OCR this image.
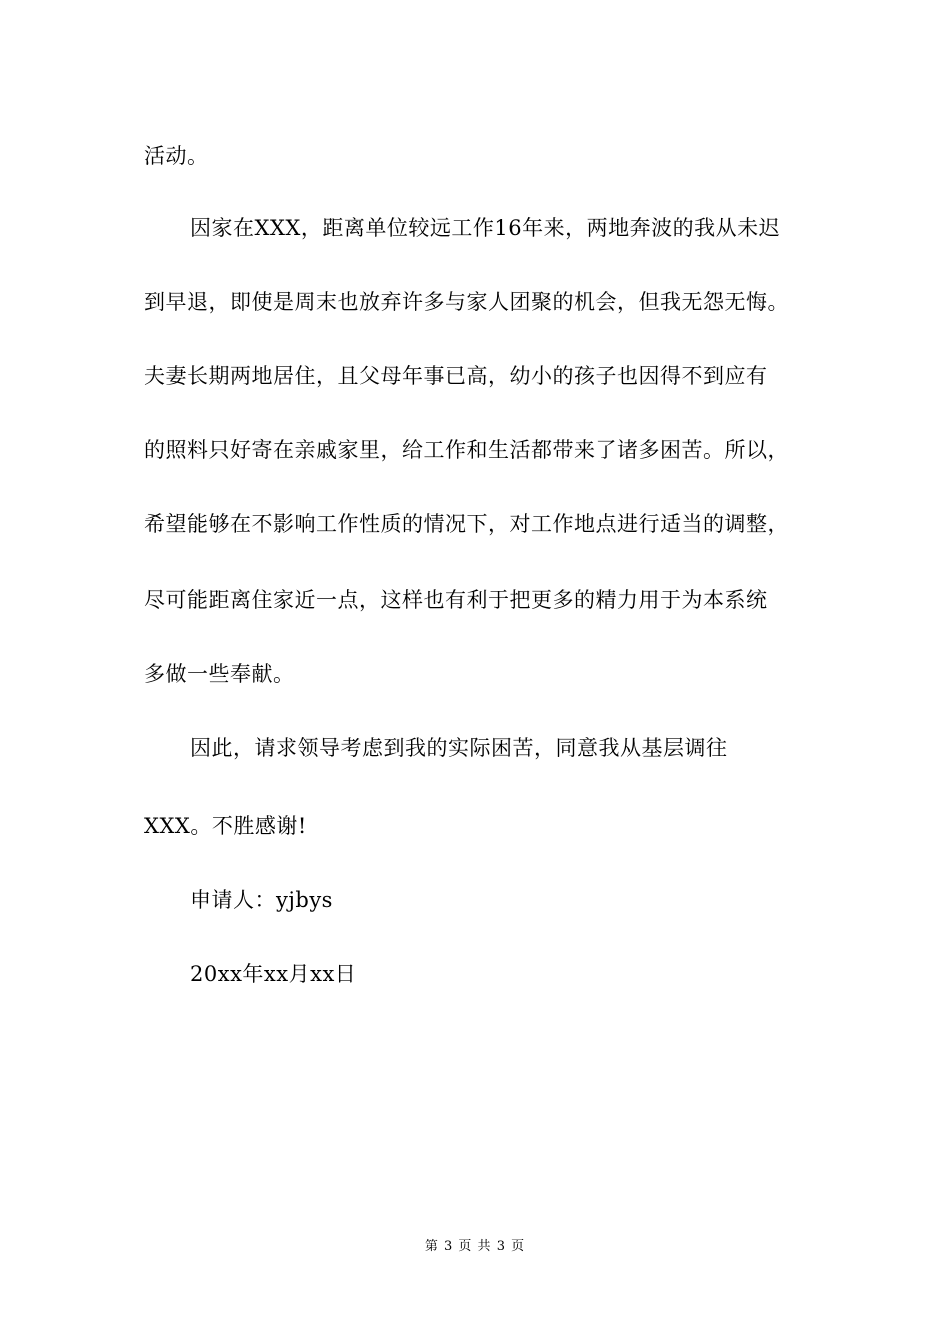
活动。
因家在XXX，距离单位较远工作16年来，两地奔波的我从未迟
到早退，即使是周末也放弃许多与家人团聚的机会，但我无怨无悔。
夫妻长期两地居住，且父母年事已高，幼小的孩子也因得不到应有
的照料只好寄在亲戚家里，给工作和生活都带来了诸多困苦。所以，
希望能够在不影响工作性质的情况下，对工作地点进行适当的调整，
尽可能距离住家近一点，这样也有利于把更多的精力用于为本系统
多做一些奉献。
因此，请求领导考虑到我的实际困苦，同意我从基层调往
XXX。不胜感谢!
申请人：yjbys
20xx年xx月xx日
第 3 页 共 3 页
